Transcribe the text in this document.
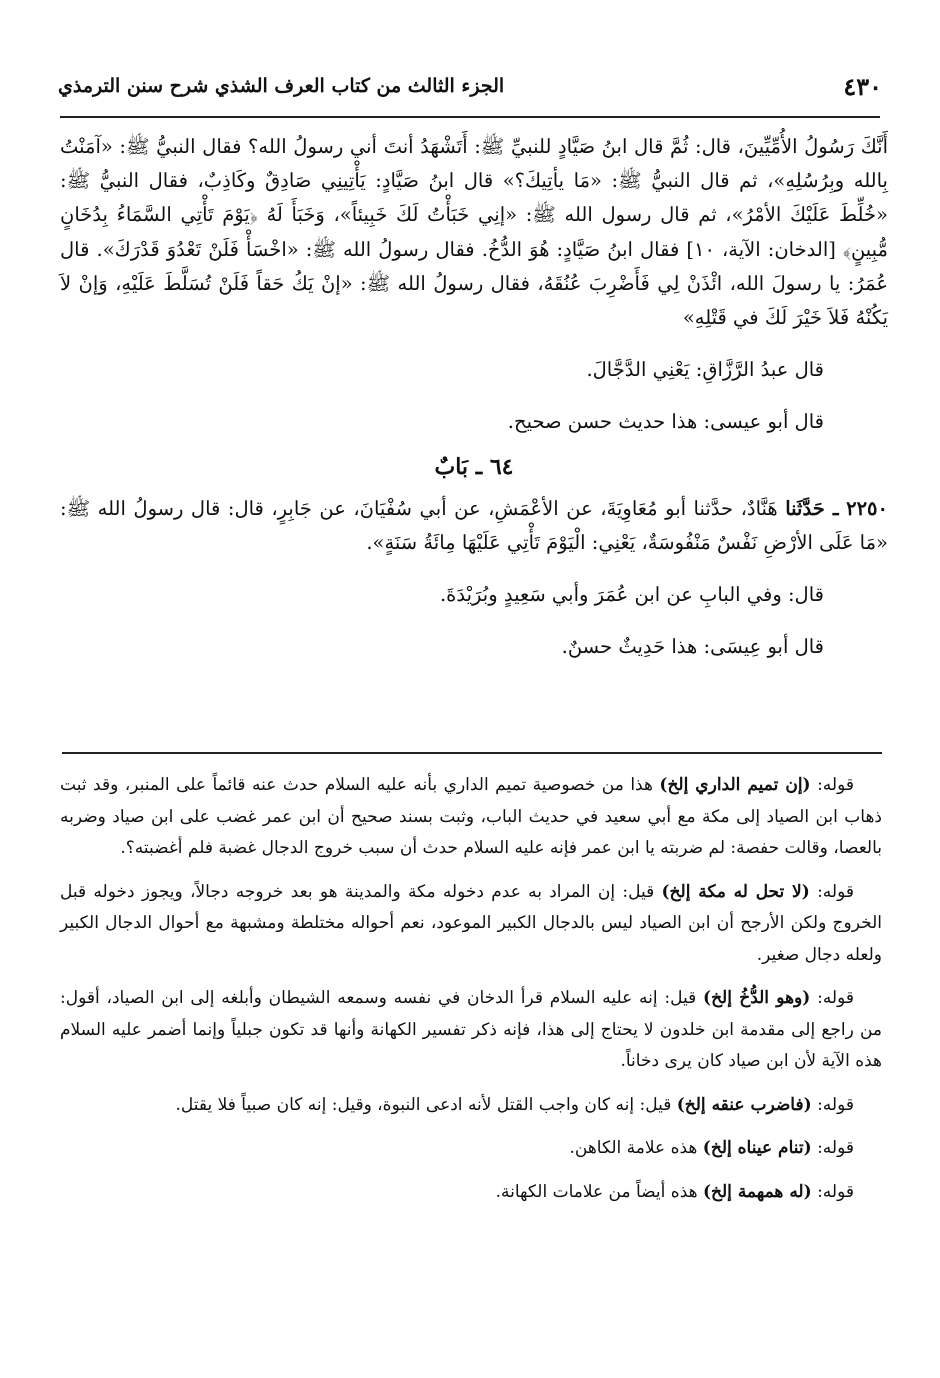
٤٣٠
الجزء الثالث من كتاب العرف الشذي شرح سنن الترمذي

أَنَّكَ رَسُولُ الأُمِّيِّينَ، قال: ثُمَّ قال ابنُ صَيَّادٍ للنبيِّ ﷺ: أَتَشْهَدُ أنتَ أني رسولُ الله؟ فقال النبيُّ ﷺ: «آمَنْتُ بِالله وبِرُسُلِهِ»، ثم قال النبيُّ ﷺ: «مَا يأتِيكَ؟» قال ابنُ صَيَّادٍ: يَأْتِينِي صَادِقٌ وكَاذِبٌ، فقال النبيُّ ﷺ: «خُلِّطَ عَلَيْكَ الأمْرُ»، ثم قال رسول الله ﷺ: «إنِي خَبَأْتُ لَكَ خَبِيئاً»، وَخَبَأَ لَهُ ﴿يَوْمَ تَأْتِي السَّمَاءُ بِدُخَانٍ مُّبِينٍ﴾ [الدخان: الآية، ١٠] فقال ابنُ صَيَّادٍ: هُوَ الدُّخُ. فقال رسولُ الله ﷺ: «اخْسَأْ فَلَنْ تَعْدُوَ قَدْرَكَ». قال عُمَرُ: يا رسولَ الله، ائْذَنْ لِي فَأَضْرِبَ عُنُقَهُ، فقال رسولُ الله ﷺ: «إنْ يَكُ حَقاً فَلَنْ تُسَلَّطَ عَلَيْهِ، وَإنْ لاَ يَكُنْهُ فَلاَ خَيْرَ لَكَ في قَتْلِهِ»

قال عبدُ الرَّزَّاقِ: يَعْنِي الدَّجَّالَ.

قال أبو عيسى: هذا حديث حسن صحيح.

٦٤ ـ بَابٌ

٢٢٥٠ ـ حَدَّثَنا هَنَّادٌ، حدَّثنا أبو مُعَاوِيَةَ، عن الأعْمَشِ، عن أبي سُفْيَانَ، عن جَابِرٍ، قال: قال رسولُ الله ﷺ: «مَا عَلَى الأرْضِ نَفْسٌ مَنْفُوسَةٌ، يَعْنِي: الْيَوْمَ تَأْتِي عَلَيْهَا مِائَةُ سَنَةٍ».

قال: وفي البابِ عن ابن عُمَرَ وأبي سَعِيدٍ وبُرَيْدَةَ.

قال أبو عِيسَى: هذا حَدِيثٌ حسنٌ.

قوله: (إن تميم الداري إلخ) هذا من خصوصية تميم الداري بأنه عليه السلام حدث عنه قائماً على المنبر، وقد ثبت ذهاب ابن الصياد إلى مكة مع أبي سعيد في حديث الباب، وثبت بسند صحيح أن ابن عمر غضب على ابن صياد وضربه بالعصا، وقالت حفصة: لم ضربته يا ابن عمر فإنه عليه السلام حدث أن سبب خروج الدجال غضبة فلم أغضبته؟.

قوله: (لا تحل له مكة إلخ) قيل: إن المراد به عدم دخوله مكة والمدينة هو بعد خروجه دجالاً، ويجوز دخوله قبل الخروج ولكن الأرجح أن ابن الصياد ليس بالدجال الكبير الموعود، نعم أحواله مختلطة ومشبهة مع أحوال الدجال الكبير ولعله دجال صغير.

قوله: (وهو الدُّخُ إلخ) قيل: إنه عليه السلام قرأ الدخان في نفسه وسمعه الشيطان وأبلغه إلى ابن الصياد، أقول: من راجع إلى مقدمة ابن خلدون لا يحتاج إلى هذا، فإنه ذكر تفسير الكهانة وأنها قد تكون جبلياً وإنما أضمر عليه السلام هذه الآية لأن ابن صياد كان يرى دخاناً.

قوله: (فاضرب عنقه إلخ) قيل: إنه كان واجب القتل لأنه ادعى النبوة، وقيل: إنه كان صبياً فلا يقتل.

قوله: (تنام عيناه إلخ) هذه علامة الكاهن.

قوله: (له همهمة إلخ) هذه أيضاً من علامات الكهانة.
